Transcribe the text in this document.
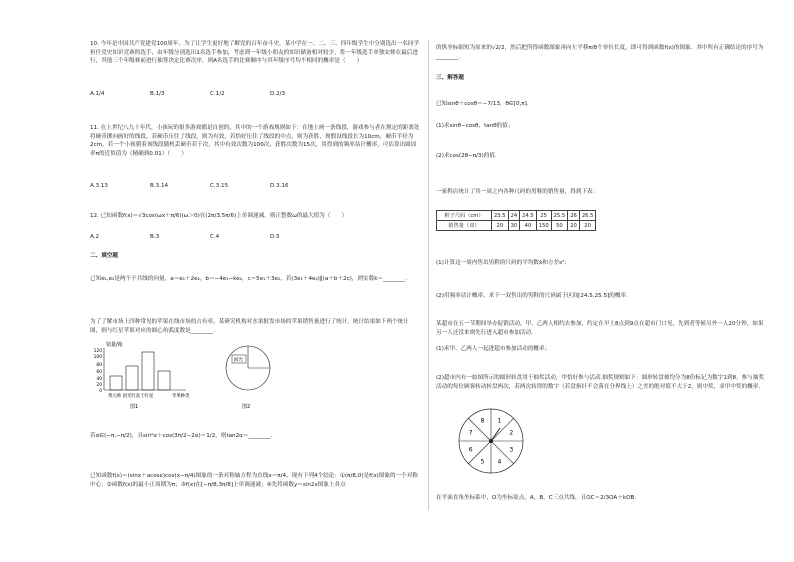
10. 今年是中国共产党建党100周年，为了让学生更好地了解党的百年奋斗史，某中学在一、二、三、四年级学生中分别选出一名同学担任党史知识竞赛的选手，由年级分别选出1名选手参加，考虑到一年级小朋友的知识储备相对较少，将一年级选手单独安排在最后进行，其他三个年级赛前进行抽签决定比赛次序，则A名选手的比赛顺序与其年级序号均不相同的概率是（　　）
A.1/4	B.1/3	C.1/2	D.2/3
11. 在上世纪八九十年代，小孩玩的很多游戏都是自创的，其中的一个游戏规则如下：在地上画一条线段，游戏参与者在规定的距离处将硬币掷向画好的线段，若硬币压住了线段，则为有效，若恰好压住了线段的中点，则为获胜，现假设线段长为10cm，硬币半径为2cm，若一个小孩朝着该线段随机丢硬币若干次，其中有效次数为100次，获胜次数为15次，用得到的频率估计概率，可估算出圆周率π的近似值为（精确到0.01）（　　）
A.3.13	B.3.14	C.3.15	D.3.16
12. 已知函数f(x)＝√3cos(ωx＋π/6)(ω＞0)在(2π/3,5π/6)上单调递减，则正整数ω的最大值为（　　）
A.2	B.3	C.4	D.5
二、填空题
已知e₁,e₂是两个不共线的向量，a＝e₁＋2e₂，b＝−4e₁−ke₂，c＝5e₁＋3e₂，若(3e₁＋4e₂)∥(a＋b＋2c)，则实数k＝________.
为了了解市场上四种常见的苹果在线市场的占有率，某研究机构对水果批发市场的苹果销售量进行了统计，统计结果如下两个统计图，则与红星苹果对应的圆心角弧度数是________.
销量/箱
120
100
80
60
40
20
0
黄元帅 国光红富士红星	苹果种类
图1
国光
图2
若α∈(−π,−π/2)，且sin²α＋cos(3π/2−2α)＝1/2，则tan2α＝________.
已知函数f(x)＝(sinx＋acosx)cos(x−π/4)图象的一条对称轴方程为直线x＝π/4，现有下列4个结论：①(π/8,0)是f(x)图象的一个对称中心；②函数f(x)的最小正周期为π；③f(x)在[−π/8,3π/8]上单调递减；④先将函数y＝sin2x图象上各点
的纵坐标缩短为原来的√2/2，然后把所得函数图象再向左平移π/8个单位长度，即可得到函数f(x)的图象．其中所有正确结论的序号为________.
三、解答题
已知sinθ＋cosθ＝−7/13，θ∈[0,π].
(1)求sinθ−cosθ，tanθ的值；
(2)求cos(2θ−π/3)的值.
一家鞋店统计了其一周之内各种尺码的男鞋的销售量，得到下表：
鞋子尺码（cm）	23.5	24	24.5	25	25.5	26	26.5
销售量（双）	20	30	40	150	50	20	20
(1)计算这一周内售出男鞋的尺码的平均数x̄和方差s²；
(2)用频率估计概率，求下一双售出的男鞋的尺码属于区间[24.5,25.5]的概率.
某超市在五一节期间举办促销活动，甲、乙两人相约去参加，约定在早上8点到9点在超市门口见，先到者等候另外一人20分钟，如果另一人还没来则先行进入超市参加活动.
(1)求甲、乙两人一起进超市参加活动的概率；
(2)超市内有一如图所示的圆形转盘用于抽奖活动，甲恰好参与活动.抽奖规则如下：圆形转盘被均分为8份标记为数字1到8，参与抽奖活动的每位顾客转动转盘两次，若两次转得的数字（若盘指针不会落在分界线上）之差的绝对值不大于2，则中奖，求甲中奖的概率.
1
2
3
4
5
6
7
8
在平面直角坐标系中，O为坐标原点，A，B，C三点共线，且OC＝2/3OA＋kOB.
